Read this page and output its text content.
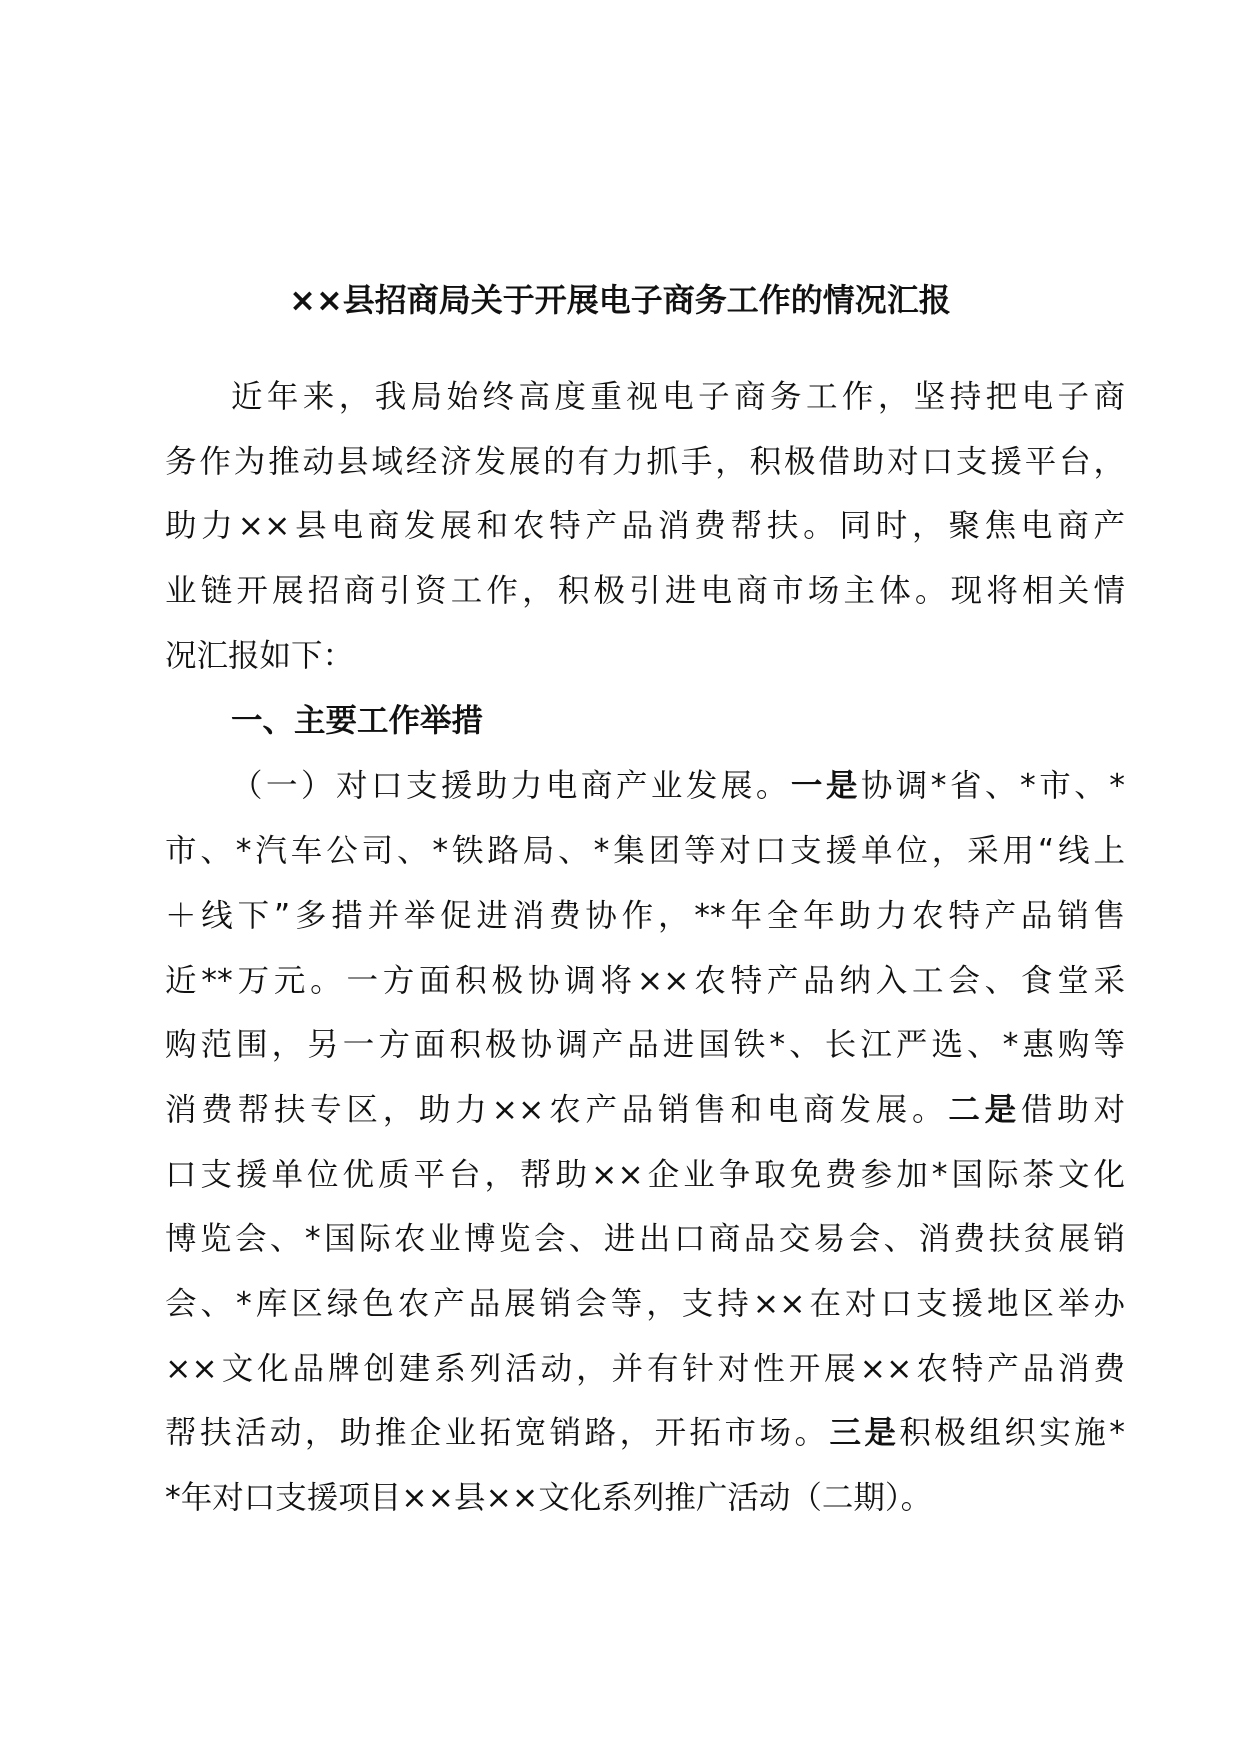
××县招商局关于开展电子商务工作的情况汇报
近年来，我局始终高度重视电子商务工作，坚持把电子商
务作为推动县域经济发展的有力抓手，积极借助对口支援平台，
助力××县电商发展和农特产品消费帮扶。同时，聚焦电商产
业链开展招商引资工作，积极引进电商市场主体。现将相关情
况汇报如下：
一、主要工作举措
（一）对口支援助力电商产业发展。一是协调*省、*市、*
市、*汽车公司、*铁路局、*集团等对口支援单位，采用“线上
＋线下”多措并举促进消费协作，**年全年助力农特产品销售
近**万元。一方面积极协调将××农特产品纳入工会、食堂采
购范围，另一方面积极协调产品进国铁*、长江严选、*惠购等
消费帮扶专区，助力××农产品销售和电商发展。二是借助对
口支援单位优质平台，帮助××企业争取免费参加*国际茶文化
博览会、*国际农业博览会、进出口商品交易会、消费扶贫展销
会、*库区绿色农产品展销会等，支持××在对口支援地区举办
××文化品牌创建系列活动，并有针对性开展××农特产品消费
帮扶活动，助推企业拓宽销路，开拓市场。三是积极组织实施*
*年对口支援项目××县××文化系列推广活动（二期）。
